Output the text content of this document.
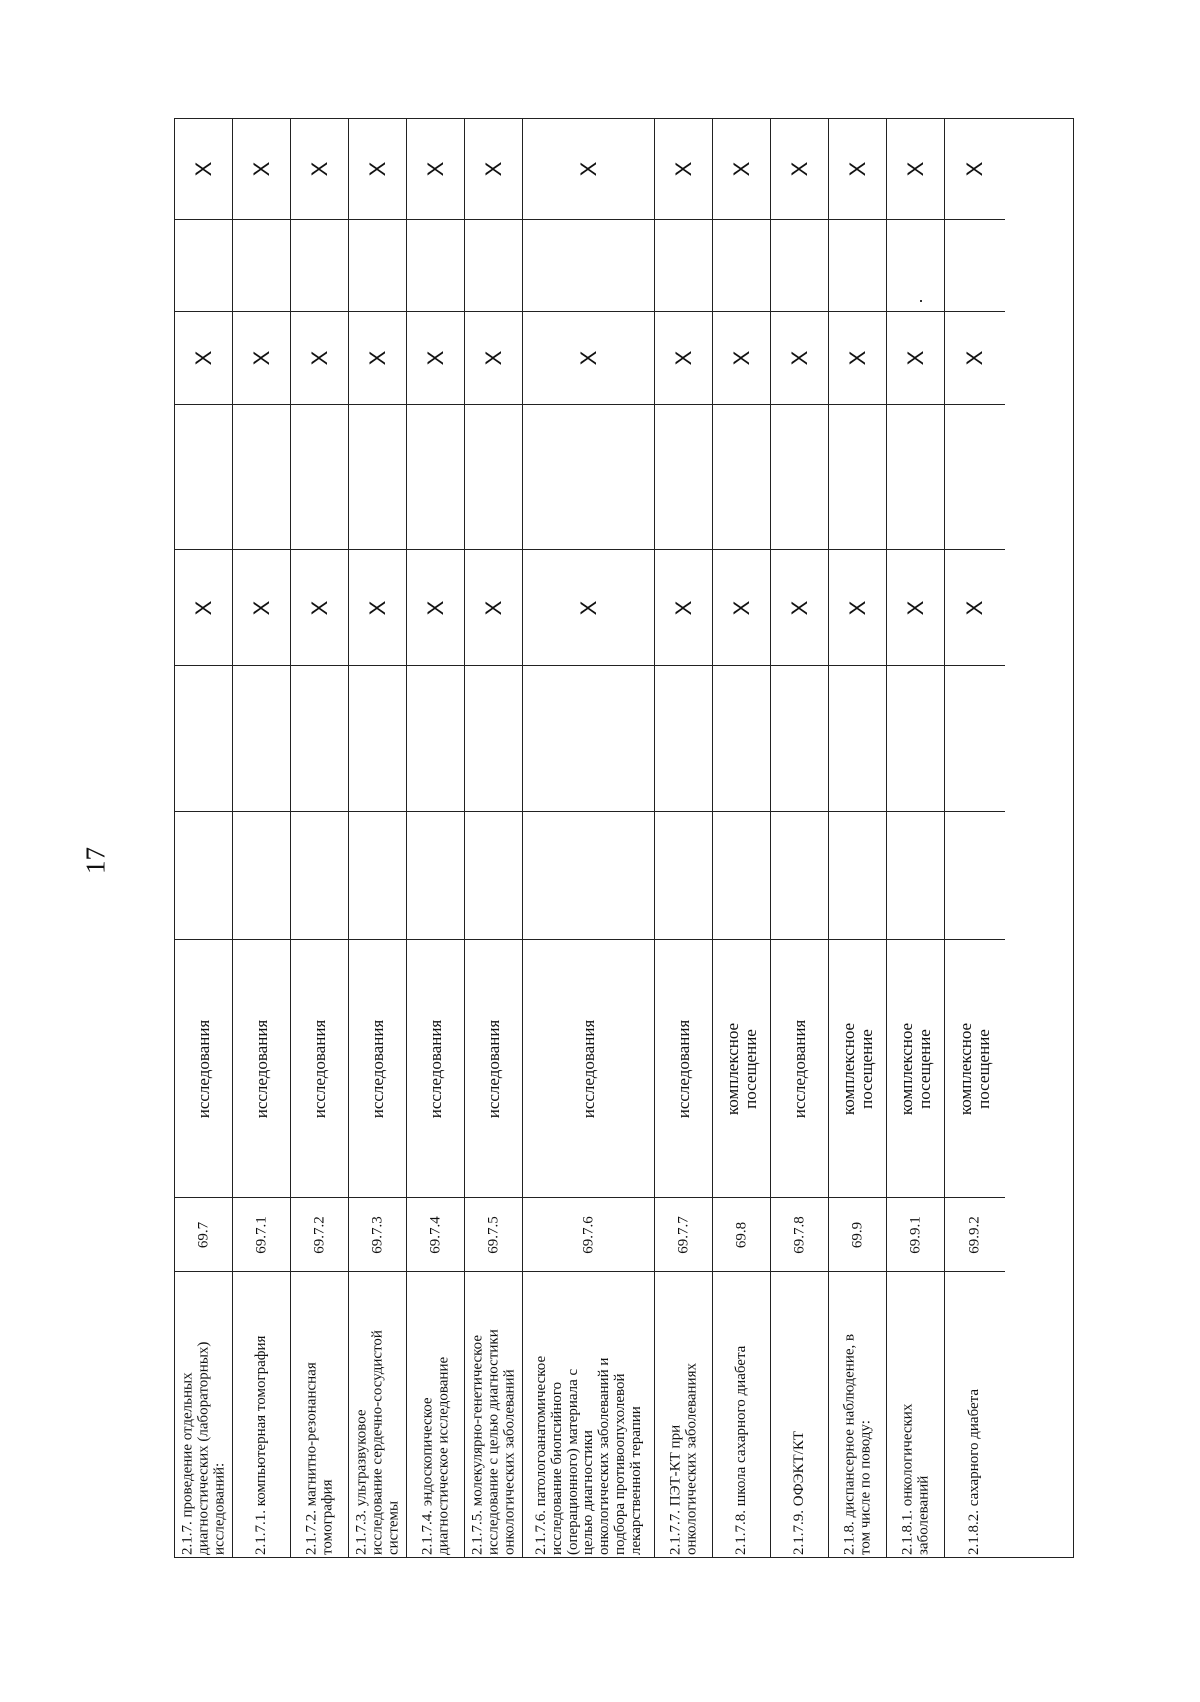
17
2.1.7. проведение отдельных диагностических (лабораторных) исследований:
69.7
исследования
X
X
X
2.1.7.1. компьютерная томография
69.7.1
исследования
X
X
X
2.1.7.2. магнитно-резонансная томография
69.7.2
исследования
X
X
X
2.1.7.3. ультразвуковое исследование сердечно-сосудистой системы
69.7.3
исследования
X
X
X
2.1.7.4. эндоскопическое диагностическое исследование
69.7.4
исследования
X
X
X
2.1.7.5. молекулярно-генетическое исследование с целью диагностики онкологических заболеваний
69.7.5
исследования
X
X
X
2.1.7.6. патологоанатомическое исследование биопсийного (операционного) материала с целью диагностики онкологических заболеваний и подбора противоопухолевой лекарственной терапии
69.7.6
исследования
X
X
X
2.1.7.7. ПЭТ-КТ при онкологических заболеваниях
69.7.7
исследования
X
X
X
2.1.7.8. школа сахарного диабета
69.8
комплексное
посещение
X
X
X
2.1.7.9. ОФЭКТ/КТ
69.7.8
исследования
X
X
X
2.1.8. диспансерное наблюдение, в том числе по поводу:
69.9
комплексное
посещение
X
X
X
2.1.8.1. онкологических заболеваний
69.9.1
комплексное
посещение
X
X
X
2.1.8.2. сахарного диабета
69.9.2
комплексное
посещение
X
X
X
